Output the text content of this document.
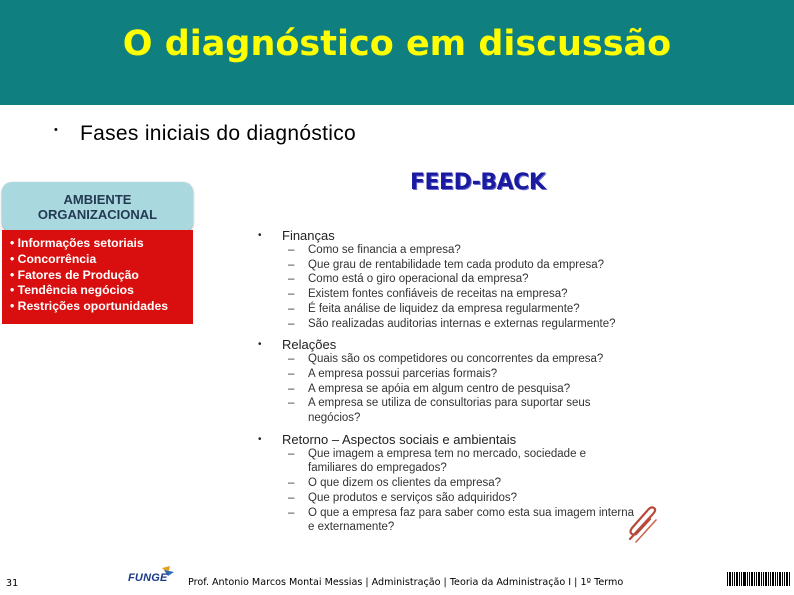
O diagnóstico em discussão
• Fases iniciais do diagnóstico
AMBIENTE
ORGANIZACIONAL
• Informações setoriais
• Concorrência
• Fatores de Produção
• Tendência negócios
• Restrições oportunidades
FEED-BACK
• Finanças
– Como se financia a empresa?
– Que grau de rentabilidade tem cada produto da empresa?
– Como está o giro operacional da empresa?
– Existem fontes confiáveis de receitas na empresa?
– É feita análise de liquidez da empresa regularmente?
– São realizadas auditorias internas e externas regularmente?
• Relações
– Quais são os competidores ou concorrentes da empresa?
– A empresa possui parcerias formais?
– A empresa se apóia em algum centro de pesquisa?
– A empresa se utiliza de consultorias para suportar seus negócios?
• Retorno – Aspectos sociais e ambientais
– Que imagem a empresa tem no mercado, sociedade e familiares do empregados?
– O que dizem os clientes da empresa?
– Que produtos e serviços são adquiridos?
– O que a empresa faz para saber como esta sua imagem interna e externamente?
31	FUNGE Prof. Antonio Marcos Montai Messias | Administração | Teoria da Administração I | 1º Termo
